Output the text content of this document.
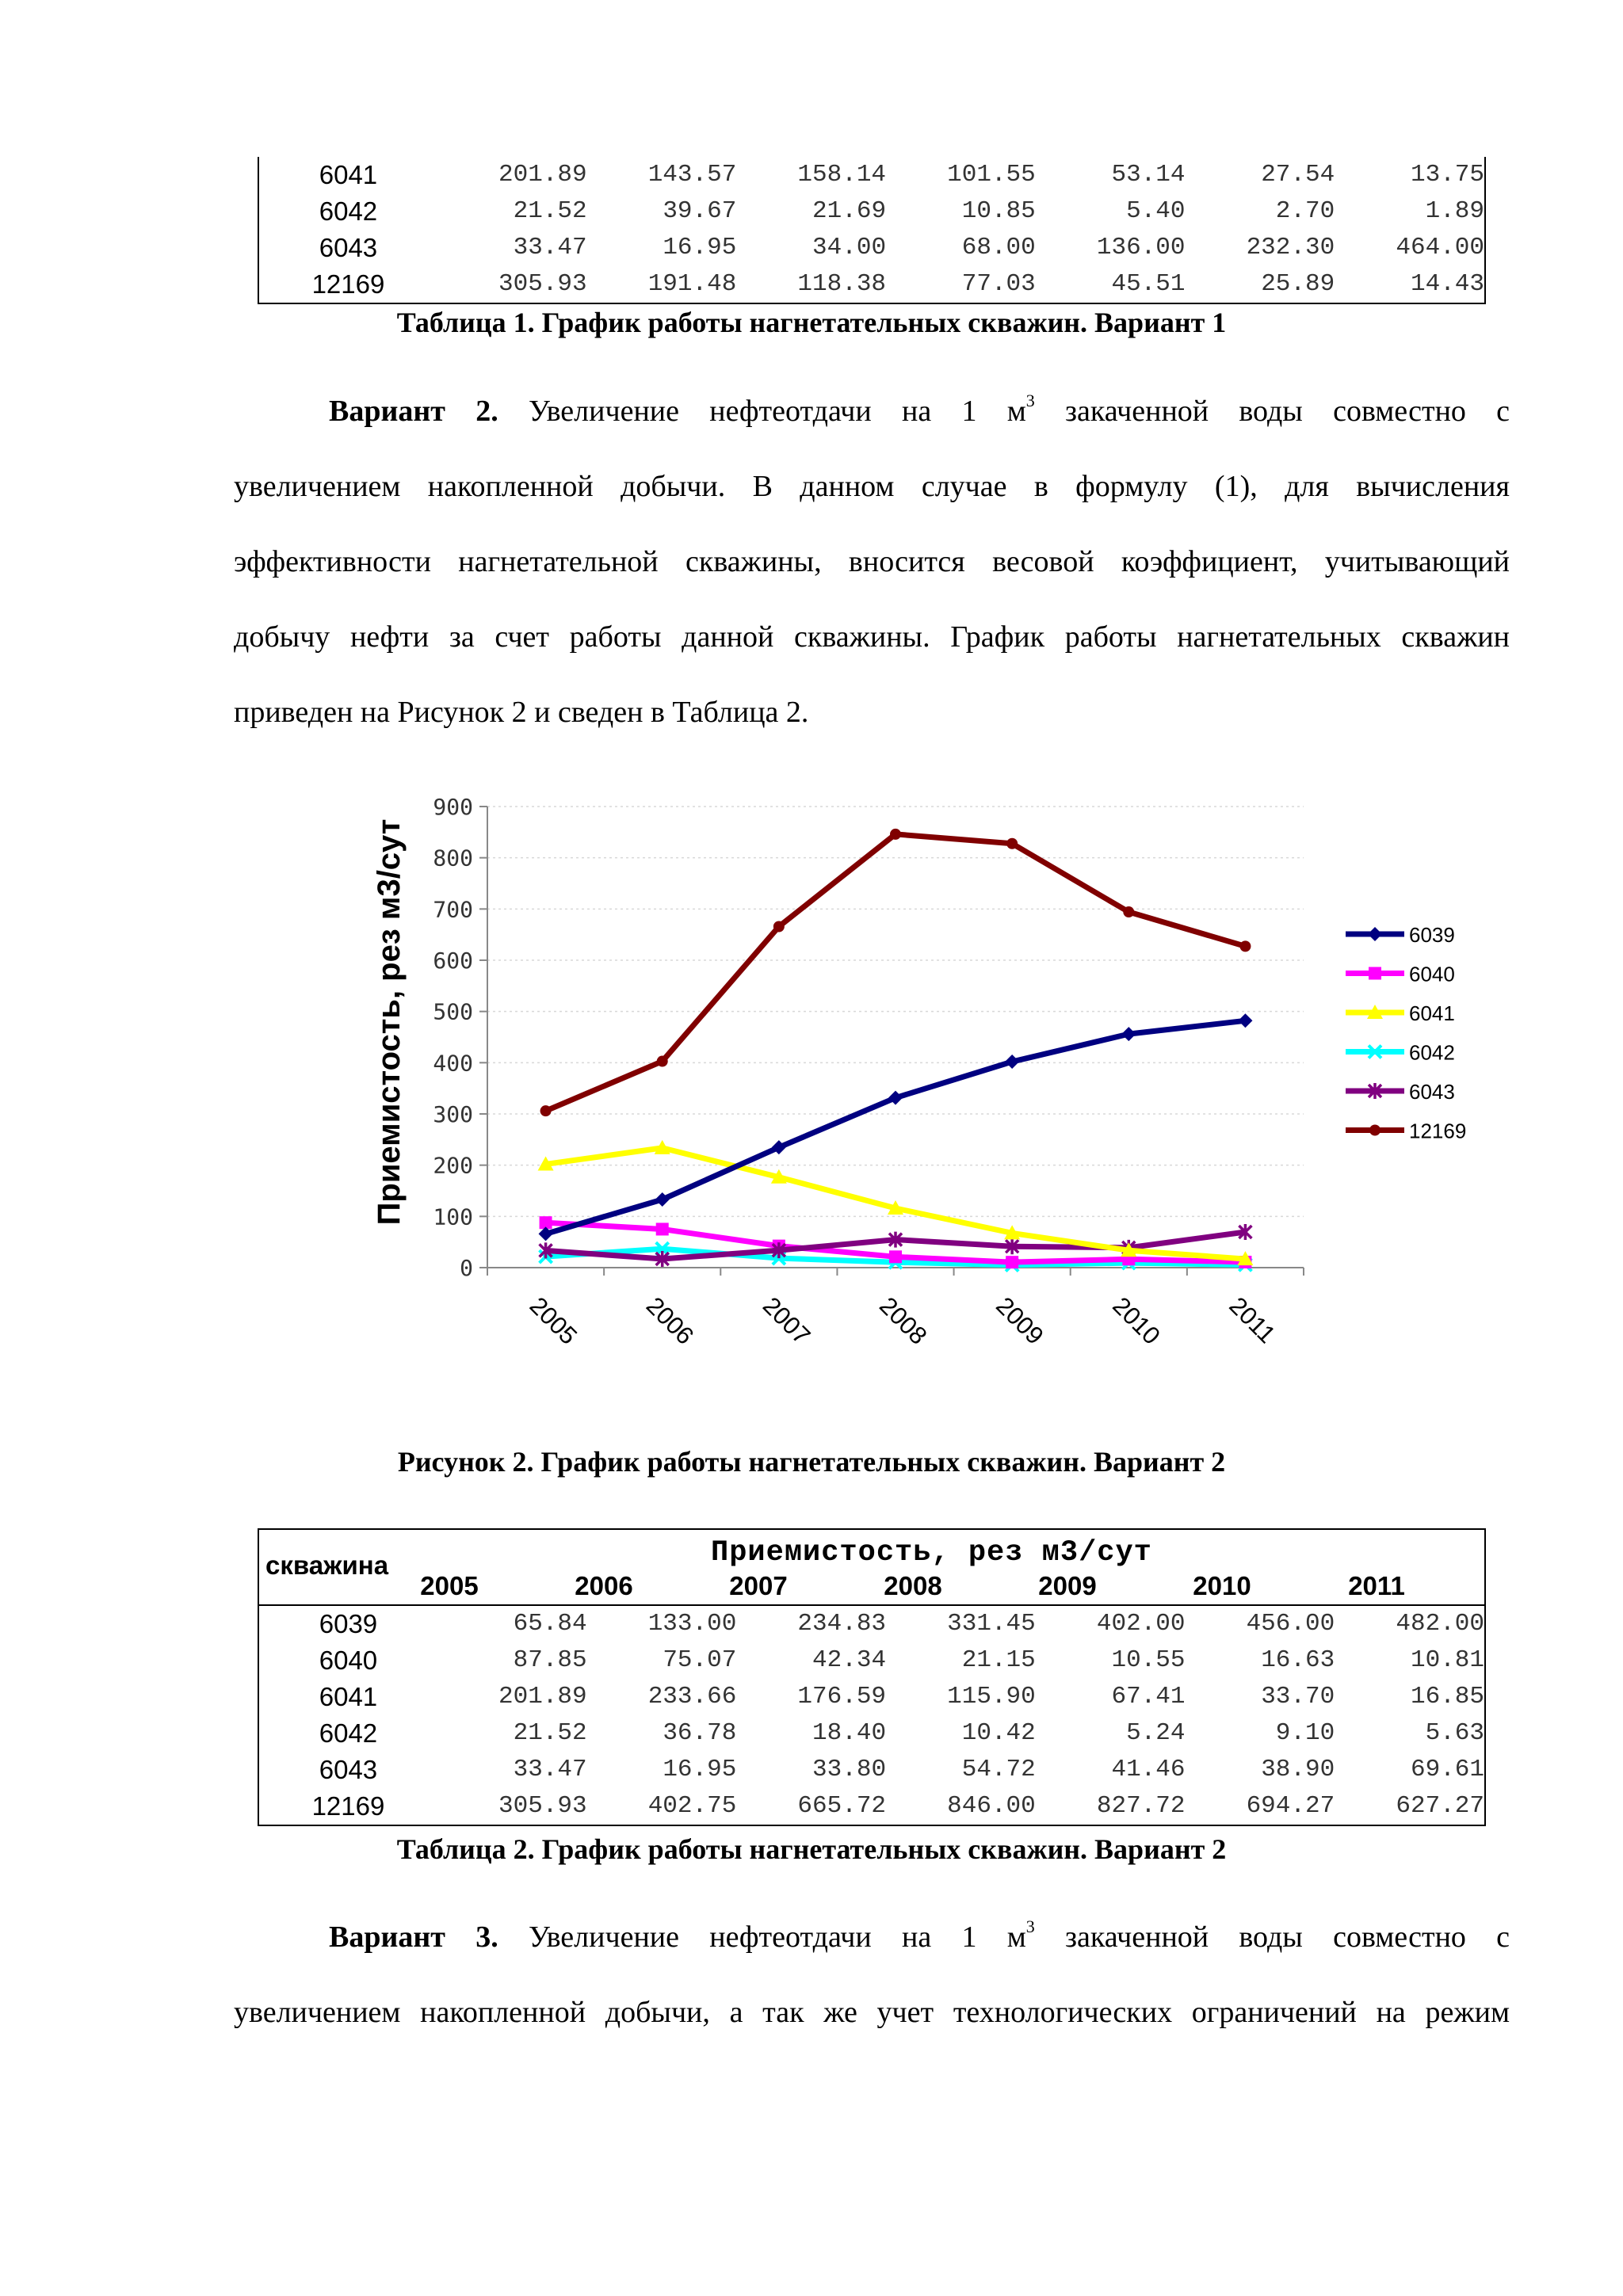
6041	201.89	143.57	158.14	101.55	53.14	27.54	13.75
6042	21.52	39.67	21.69	10.85	5.40	2.70	1.89
6043	33.47	16.95	34.00	68.00	136.00	232.30	464.00
12169	305.93	191.48	118.38	77.03	45.51	25.89	14.43
Таблица 1. График работы нагнетательных скважин. Вариант 1
Вариант 2. Увеличение нефтеотдачи на 1 $м^3$ закаченной воды совместно с
увеличением накопленной добычи. В данном случае в формулу (1), для вычисления
эффективности нагнетательной скважины, вносится весовой коэффициент, учитывающий
добычу нефти за счет работы данной скважины. График работы нагнетательных скважин
приведен на Рисунок 2 и сведен в Таблица 2.
0
100
200
300
400
500
600
700
800
900
2005 2006 2007 2008 2009 2010 2011
6039
6040
6041
6042
6043
12169
Приемистость, рез м3/сут
Рисунок 2. График работы нагнетательных скважин. Вариант 2
скважина	Приемистость, рез м3/сут
2005	2006	2007	2008	2009	2010	2011
6039	65.84	133.00	234.83	331.45	402.00	456.00	482.00
6040	87.85	75.07	42.34	21.15	10.55	16.63	10.81
6041	201.89	233.66	176.59	115.90	67.41	33.70	16.85
6042	21.52	36.78	18.40	10.42	5.24	9.10	5.63
6043	33.47	16.95	33.80	54.72	41.46	38.90	69.61
12169	305.93	402.75	665.72	846.00	827.72	694.27	627.27
Таблица 2. График работы нагнетательных скважин. Вариант 2
Вариант 3. Увеличение нефтеотдачи на 1 $м^3$ закаченной воды совместно с
увеличением накопленной добычи, а так же учет технологических ограничений на режим
